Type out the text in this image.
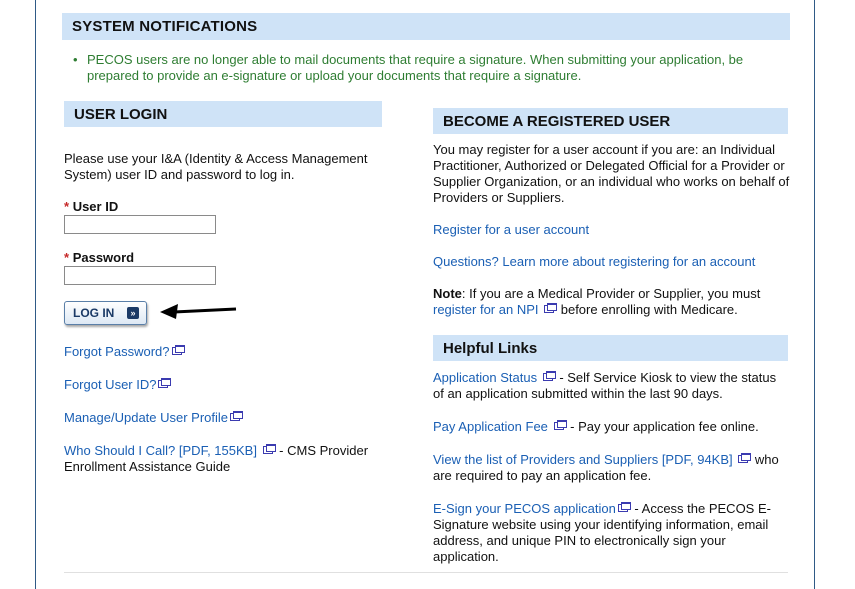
SYSTEM NOTIFICATIONS
• PECOS users are no longer able to mail documents that require a signature. When submitting your application, be prepared to provide an e-signature or upload your documents that require a signature.
USER LOGIN
Please use your I&A (Identity & Access Management System) user ID and password to log in.
* User ID
* Password
LOG IN	»
Forgot Password?
Forgot User ID?
Manage/Update User Profile
Who Should I Call? [PDF, 155KB]  - CMS Provider Enrollment Assistance Guide
BECOME A REGISTERED USER
You may register for a user account if you are: an Individual Practitioner, Authorized or Delegated Official for a Provider or Supplier Organization, or an individual who works on behalf of Providers or Suppliers.
Register for a user account
Questions? Learn more about registering for an account
Note: If you are a Medical Provider or Supplier, you must
register for an NPI  before enrolling with Medicare.
Helpful Links
Application Status  - Self Service Kiosk to view the status of an application submitted within the last 90 days.
Pay Application Fee  - Pay your application fee online.
View the list of Providers and Suppliers [PDF, 94KB]  who are required to pay an application fee.
E-Sign your PECOS application - Access the PECOS E-Signature website using your identifying information, email address, and unique PIN to electronically sign your application.
